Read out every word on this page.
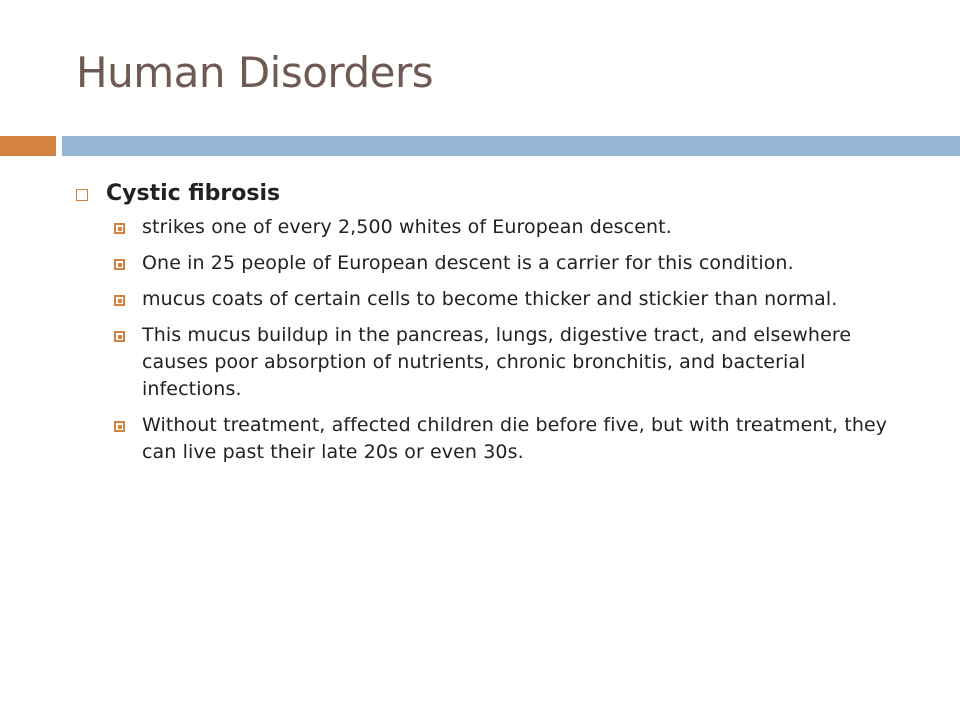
Human Disorders
Cystic fibrosis
strikes one of every 2,500 whites of European descent.
One in 25 people of European descent is a carrier for this condition.
mucus coats of certain cells to become thicker and stickier than normal.
This mucus buildup in the pancreas, lungs, digestive tract, and elsewhere causes poor absorption of nutrients, chronic bronchitis, and bacterial infections.
Without treatment, affected children die before five, but with treatment, they can live past their late 20s or even 30s.
